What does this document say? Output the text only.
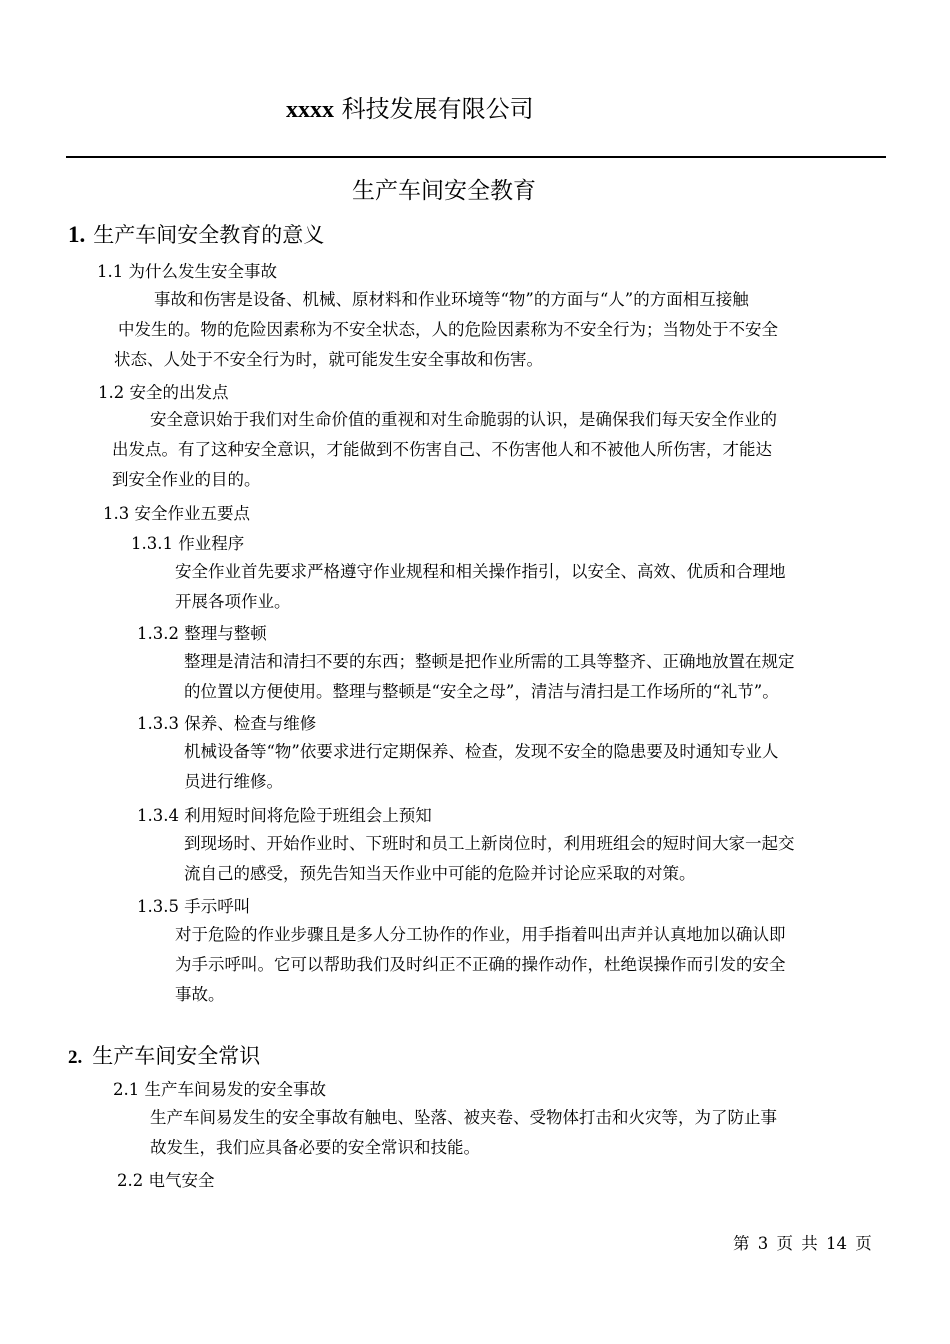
xxxx 科技发展有限公司
生产车间安全教育
1. 生产车间安全教育的意义
1.1 为什么发生安全事故
事故和伤害是设备、机械、原材料和作业环境等“物”的方面与“人”的方面相互接触
中发生的。物的危险因素称为不安全状态，人的危险因素称为不安全行为；当物处于不安全
状态、人处于不安全行为时，就可能发生安全事故和伤害。
1.2 安全的出发点
安全意识始于我们对生命价值的重视和对生命脆弱的认识，是确保我们每天安全作业的
出发点。有了这种安全意识，才能做到不伤害自己、不伤害他人和不被他人所伤害，才能达
到安全作业的目的。
1.3 安全作业五要点
1.3.1 作业程序
安全作业首先要求严格遵守作业规程和相关操作指引，以安全、高效、优质和合理地
开展各项作业。
1.3.2 整理与整顿
整理是清洁和清扫不要的东西；整顿是把作业所需的工具等整齐、正确地放置在规定
的位置以方便使用。整理与整顿是“安全之母”，清洁与清扫是工作场所的“礼节”。
1.3.3 保养、检查与维修
机械设备等“物”依要求进行定期保养、检查，发现不安全的隐患要及时通知专业人
员进行维修。
1.3.4 利用短时间将危险于班组会上预知
到现场时、开始作业时、下班时和员工上新岗位时，利用班组会的短时间大家一起交
流自己的感受，预先告知当天作业中可能的危险并讨论应采取的对策。
1.3.5 手示呼叫
对于危险的作业步骤且是多人分工协作的作业，用手指着叫出声并认真地加以确认即
为手示呼叫。它可以帮助我们及时纠正不正确的操作动作，杜绝误操作而引发的安全
事故。
2. 生产车间安全常识
2.1 生产车间易发的安全事故
生产车间易发生的安全事故有触电、坠落、被夹卷、受物体打击和火灾等，为了防止事
故发生，我们应具备必要的安全常识和技能。
2.2 电气安全
第 3 页 共 14 页
